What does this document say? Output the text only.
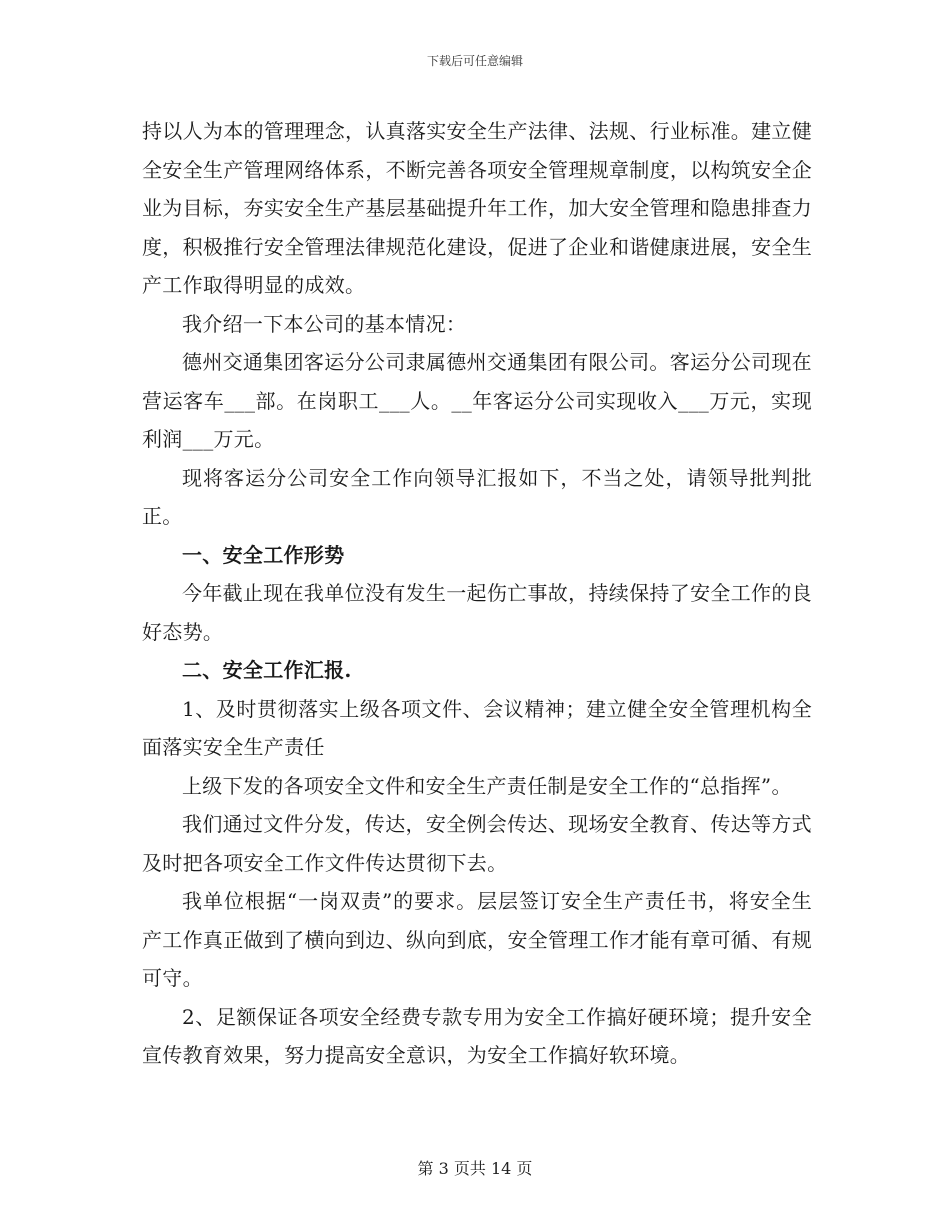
下载后可任意编辑

持以人为本的管理理念，认真落实安全生产法律、法规、行业标准。建立健全安全生产管理网络体系，不断完善各项安全管理规章制度，以构筑安全企业为目标，夯实安全生产基层基础提升年工作，加大安全管理和隐患排查力度，积极推行安全管理法律规范化建设，促进了企业和谐健康进展，安全生产工作取得明显的成效。

我介绍一下本公司的基本情况：

德州交通集团客运分公司隶属德州交通集团有限公司。客运分公司现在营运客车___部。在岗职工___人。__年客运分公司实现收入___万元，实现利润___万元。

现将客运分公司安全工作向领导汇报如下，不当之处，请领导批判批正。

一、安全工作形势

今年截止现在我单位没有发生一起伤亡事故，持续保持了安全工作的良好态势。

二、安全工作汇报.

1、及时贯彻落实上级各项文件、会议精神；建立健全安全管理机构全面落实安全生产责任

上级下发的各项安全文件和安全生产责任制是安全工作的“总指挥”。

我们通过文件分发，传达，安全例会传达、现场安全教育、传达等方式及时把各项安全工作文件传达贯彻下去。

我单位根据“一岗双责”的要求。层层签订安全生产责任书，将安全生产工作真正做到了横向到边、纵向到底，安全管理工作才能有章可循、有规可守。

2、足额保证各项安全经费专款专用为安全工作搞好硬环境；提升安全宣传教育效果，努力提高安全意识，为安全工作搞好软环境。

第 3 页共 14 页
